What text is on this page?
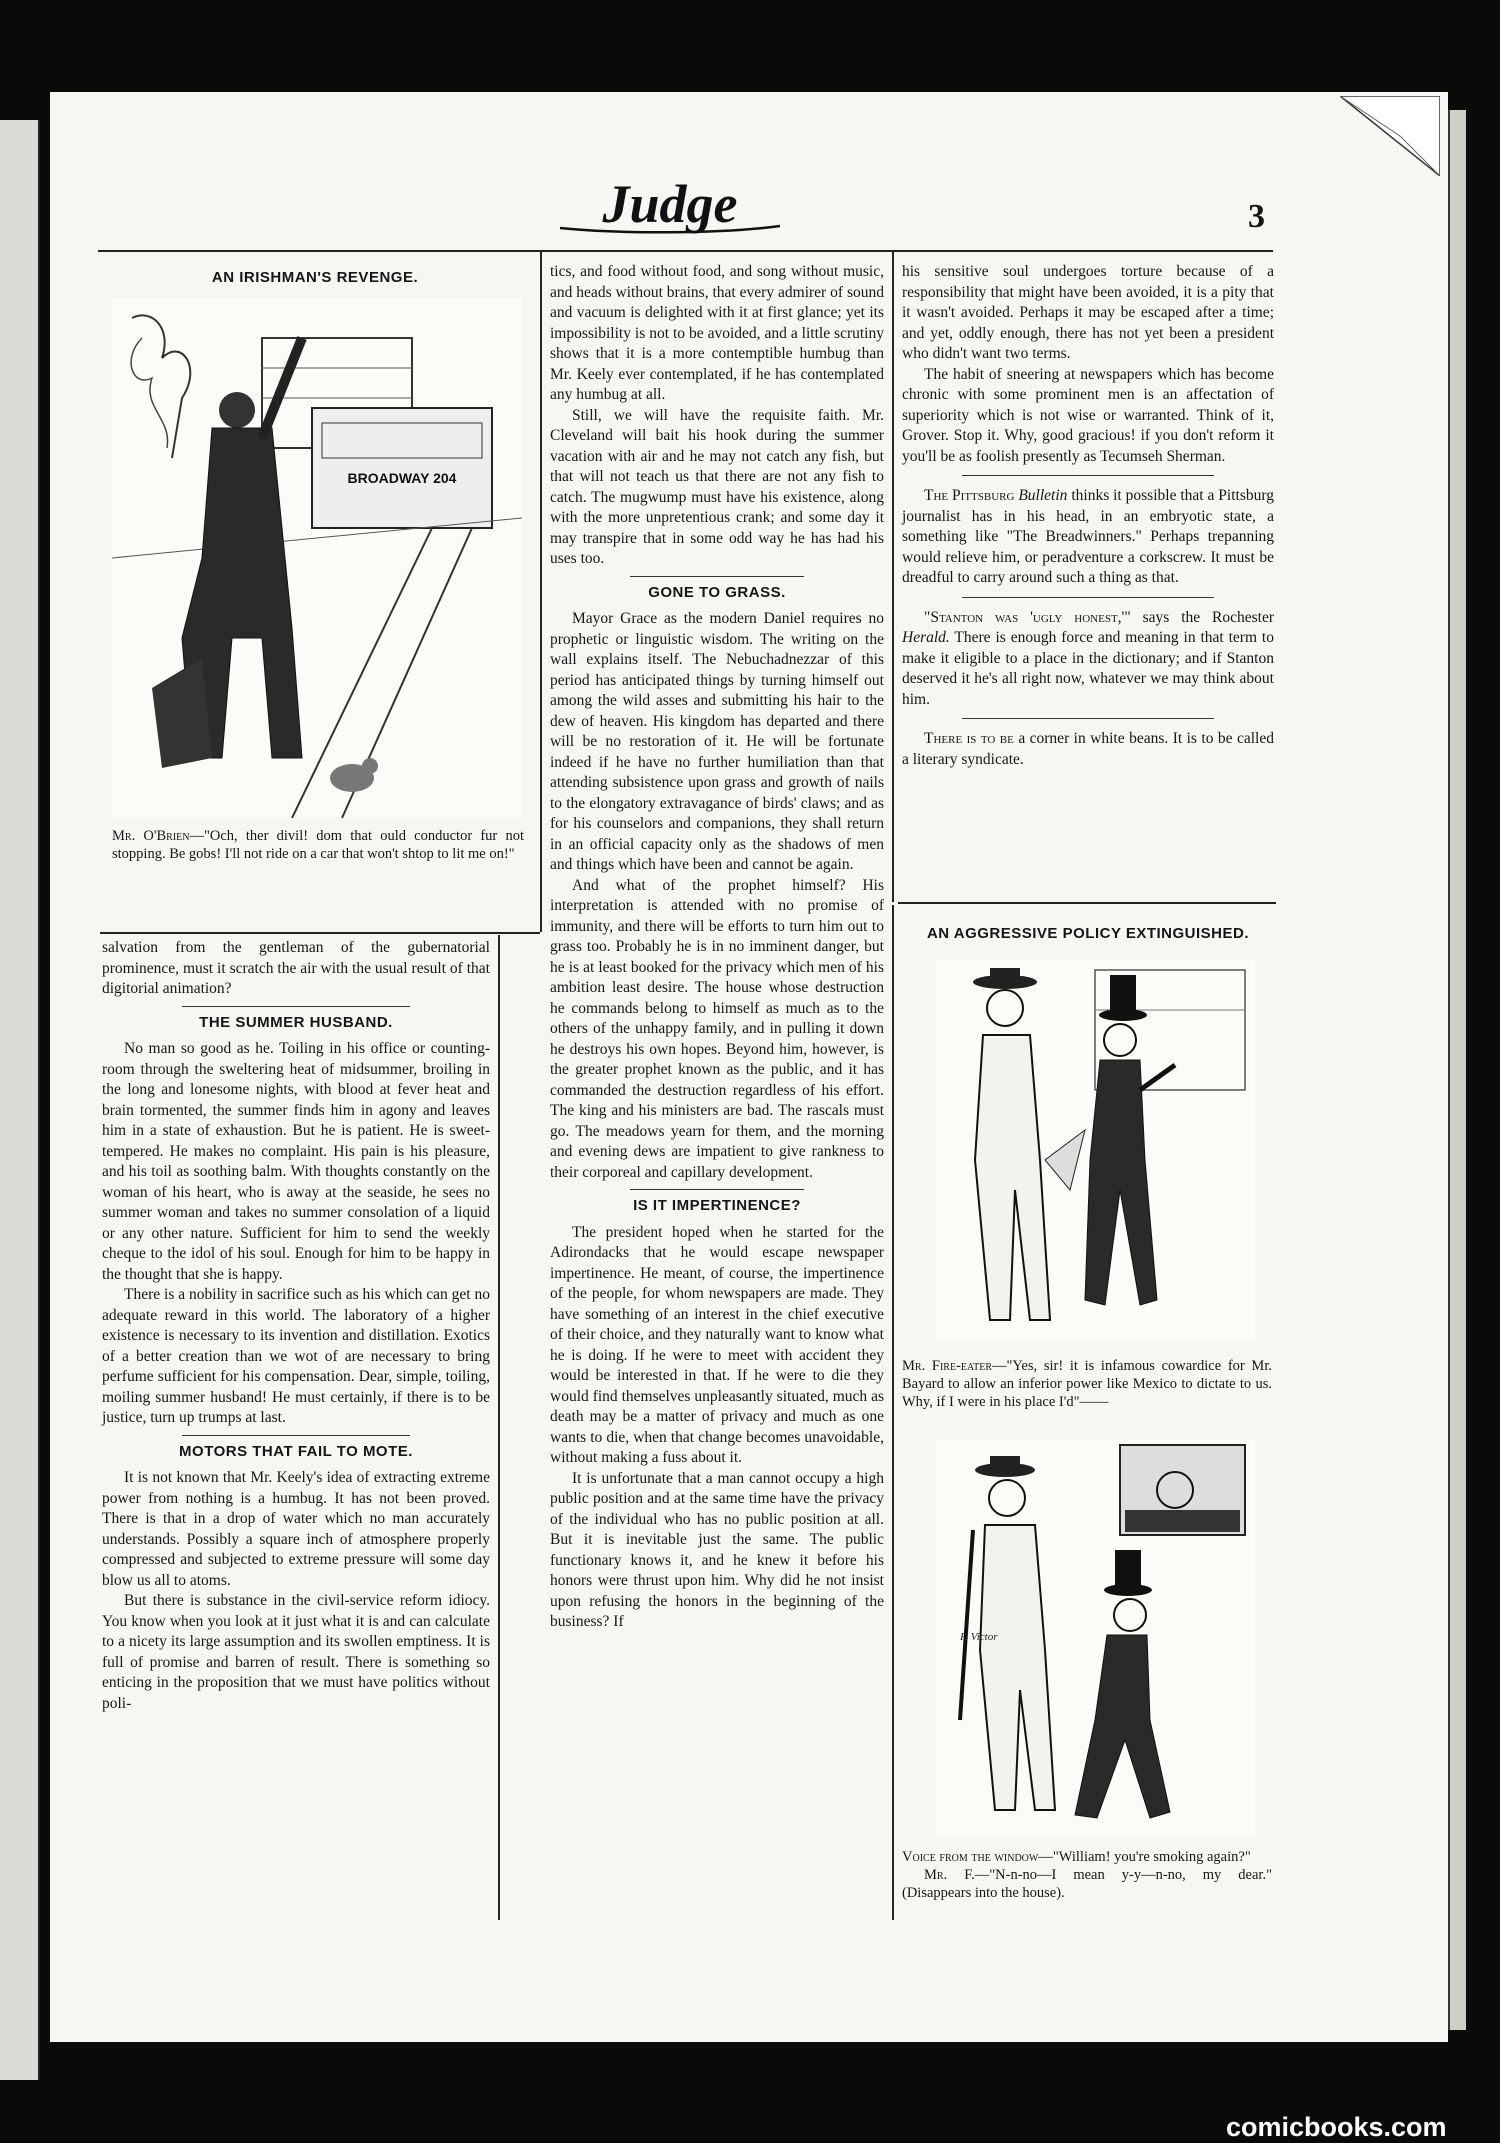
Judge	3
AN IRISHMAN'S REVENGE.
BROADWAY 204
Mr. O'Brien—"Och, ther divil! dom that ould conductor fur not stopping. Be gobs! I'll not ride on a car that won't shtop to lit me on!"

salvation from the gentleman of the gubernatorial prominence, must it scratch the air with the usual result of that digitorial animation?

THE SUMMER HUSBAND.

No man so good as he. Toiling in his office or counting-room through the sweltering heat of midsummer, broiling in the long and lonesome nights, with blood at fever heat and brain tormented, the summer finds him in agony and leaves him in a state of exhaustion. But he is patient. He is sweet-tempered. He makes no complaint. His pain is his pleasure, and his toil as soothing balm. With thoughts constantly on the woman of his heart, who is away at the seaside, he sees no summer woman and takes no summer consolation of a liquid or any other nature. Sufficient for him to send the weekly cheque to the idol of his soul. Enough for him to be happy in the thought that she is happy.

There is a nobility in sacrifice such as his which can get no adequate reward in this world. The laboratory of a higher existence is necessary to its invention and distillation. Exotics of a better creation than we wot of are necessary to bring perfume sufficient for his compensation. Dear, simple, toiling, moiling summer husband! He must certainly, if there is to be justice, turn up trumps at last.

MOTORS THAT FAIL TO MOTE.

It is not known that Mr. Keely's idea of extracting extreme power from nothing is a humbug. It has not been proved. There is that in a drop of water which no man accurately understands. Possibly a square inch of atmosphere properly compressed and subjected to extreme pressure will some day blow us all to atoms.

But there is substance in the civil-service reform idiocy. You know when you look at it just what it is and can calculate to a nicety its large assumption and its swollen emptiness. It is full of promise and barren of result. There is something so enticing in the proposition that we must have politics without poli-

tics, and food without food, and song without music, and heads without brains, that every admirer of sound and vacuum is delighted with it at first glance; yet its impossibility is not to be avoided, and a little scrutiny shows that it is a more contemptible humbug than Mr. Keely ever contemplated, if he has contemplated any humbug at all.

Still, we will have the requisite faith. Mr. Cleveland will bait his hook during the summer vacation with air and he may not catch any fish, but that will not teach us that there are not any fish to catch. The mugwump must have his existence, along with the more unpretentious crank; and some day it may transpire that in some odd way he has had his uses too.

GONE TO GRASS.

Mayor Grace as the modern Daniel requires no prophetic or linguistic wisdom. The writing on the wall explains itself. The Nebuchadnezzar of this period has anticipated things by turning himself out among the wild asses and submitting his hair to the dew of heaven. His kingdom has departed and there will be no restoration of it. He will be fortunate indeed if he have no further humiliation than that attending subsistence upon grass and growth of nails to the elongatory extravagance of birds' claws; and as for his counselors and companions, they shall return in an official capacity only as the shadows of men and things which have been and cannot be again.

And what of the prophet himself? His interpretation is attended with no promise of immunity, and there will be efforts to turn him out to grass too. Probably he is in no imminent danger, but he is at least booked for the privacy which men of his ambition least desire. The house whose destruction he commands belong to himself as much as to the others of the unhappy family, and in pulling it down he destroys his own hopes. Beyond him, however, is the greater prophet known as the public, and it has commanded the destruction regardless of his effort. The king and his ministers are bad. The rascals must go. The meadows yearn for them, and the morning and evening dews are impatient to give rankness to their corporeal and capillary development.

IS IT IMPERTINENCE?

The president hoped when he started for the Adirondacks that he would escape newspaper impertinence. He meant, of course, the impertinence of the people, for whom newspapers are made. They have something of an interest in the chief executive of their choice, and they naturally want to know what he is doing. If he were to meet with accident they would be interested in that. If he were to die they would find themselves unpleasantly situated, much as death may be a matter of privacy and much as one wants to die, when that change becomes unavoidable, without making a fuss about it.

It is unfortunate that a man cannot occupy a high public position and at the same time have the privacy of the individual who has no public position at all. But it is inevitable just the same. The public functionary knows it, and he knew it before his honors were thrust upon him. Why did he not insist upon refusing the honors in the beginning of the business? If

his sensitive soul undergoes torture because of a responsibility that might have been avoided, it is a pity that it wasn't avoided. Perhaps it may be escaped after a time; and yet, oddly enough, there has not yet been a president who didn't want two terms.

The habit of sneering at newspapers which has become chronic with some prominent men is an affectation of superiority which is not wise or warranted. Think of it, Grover. Stop it. Why, good gracious! if you don't reform it you'll be as foolish presently as Tecumseh Sherman.

The Pittsburg Bulletin thinks it possible that a Pittsburg journalist has in his head, in an embryotic state, a something like "The Breadwinners." Perhaps trepanning would relieve him, or peradventure a corkscrew. It must be dreadful to carry around such a thing as that.

"Stanton was 'ugly honest,'" says the Rochester Herald. There is enough force and meaning in that term to make it eligible to a place in the dictionary; and if Stanton deserved it he's all right now, whatever we may think about him.

There is to be a corner in white beans. It is to be called a literary syndicate.

AN AGGRESSIVE POLICY EXTINGUISHED.
Mr. Fire-eater—"Yes, sir! it is infamous cowardice for Mr. Bayard to allow an inferior power like Mexico to dictate to us. Why, if I were in his place I'd"——
F. Victor
Voice from the window—"William! you're smoking again?"
Mr. F.—"N-n-no—I mean y-y—n-no, my dear." (Disappears into the house).
comicbooks.com
